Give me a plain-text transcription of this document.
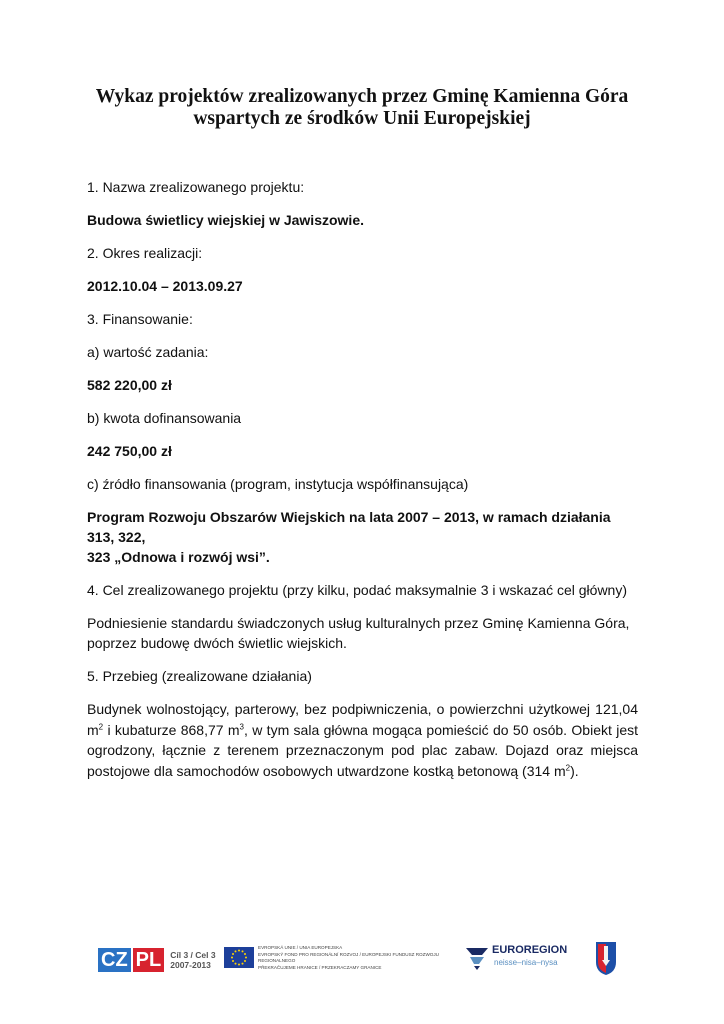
Wykaz projektów zrealizowanych przez Gminę Kamienna Góra
wspartych ze środków Unii Europejskiej

1. Nazwa zrealizowanego projektu:

Budowa świetlicy wiejskiej w Jawiszowie.

2. Okres realizacji:

2012.10.04 – 2013.09.27

3. Finansowanie:

a) wartość zadania:

582 220,00 zł

b) kwota dofinansowania

242 750,00 zł

c) źródło finansowania (program, instytucja współfinansująca)

Program Rozwoju Obszarów Wiejskich na lata 2007 – 2013, w ramach działania 313, 322,

323 „Odnowa i rozwój wsi”.

4. Cel zrealizowanego projektu (przy kilku, podać maksymalnie 3 i wskazać cel główny)

Podniesienie standardu świadczonych usług kulturalnych przez Gminę Kamienna Góra,

poprzez budowę dwóch świetlic wiejskich.

5. Przebieg (zrealizowane działania)

Budynek wolnostojący, parterowy, bez podpiwniczenia, o powierzchni użytkowej 121,04 $m^2$ i kubaturze 868,77 $m^3$, w tym sala główna mogąca pomieścić do 50 osób. Obiekt jest ogrodzony, łącznie z terenem przeznaczonym pod plac zabaw. Dojazd oraz miejsca postojowe dla samochodów osobowych utwardzone kostką betonową (314 $m^2$).

CZ PL	Cíl 3 / Cel 3
2007-2013
EVROPSKÁ UNIE / UNIA EUROPEJSKA
EVROPSKÝ FOND PRO REGIONÁLNÍ ROZVOJ / EUROPEJSKI FUNDUSZ ROZWOJU REGIONALNEGO
PŘEKRAČUJEME HRANICE / PRZEKRACZAMY GRANICE
EUROREGION
neisse–nisa–nysa
